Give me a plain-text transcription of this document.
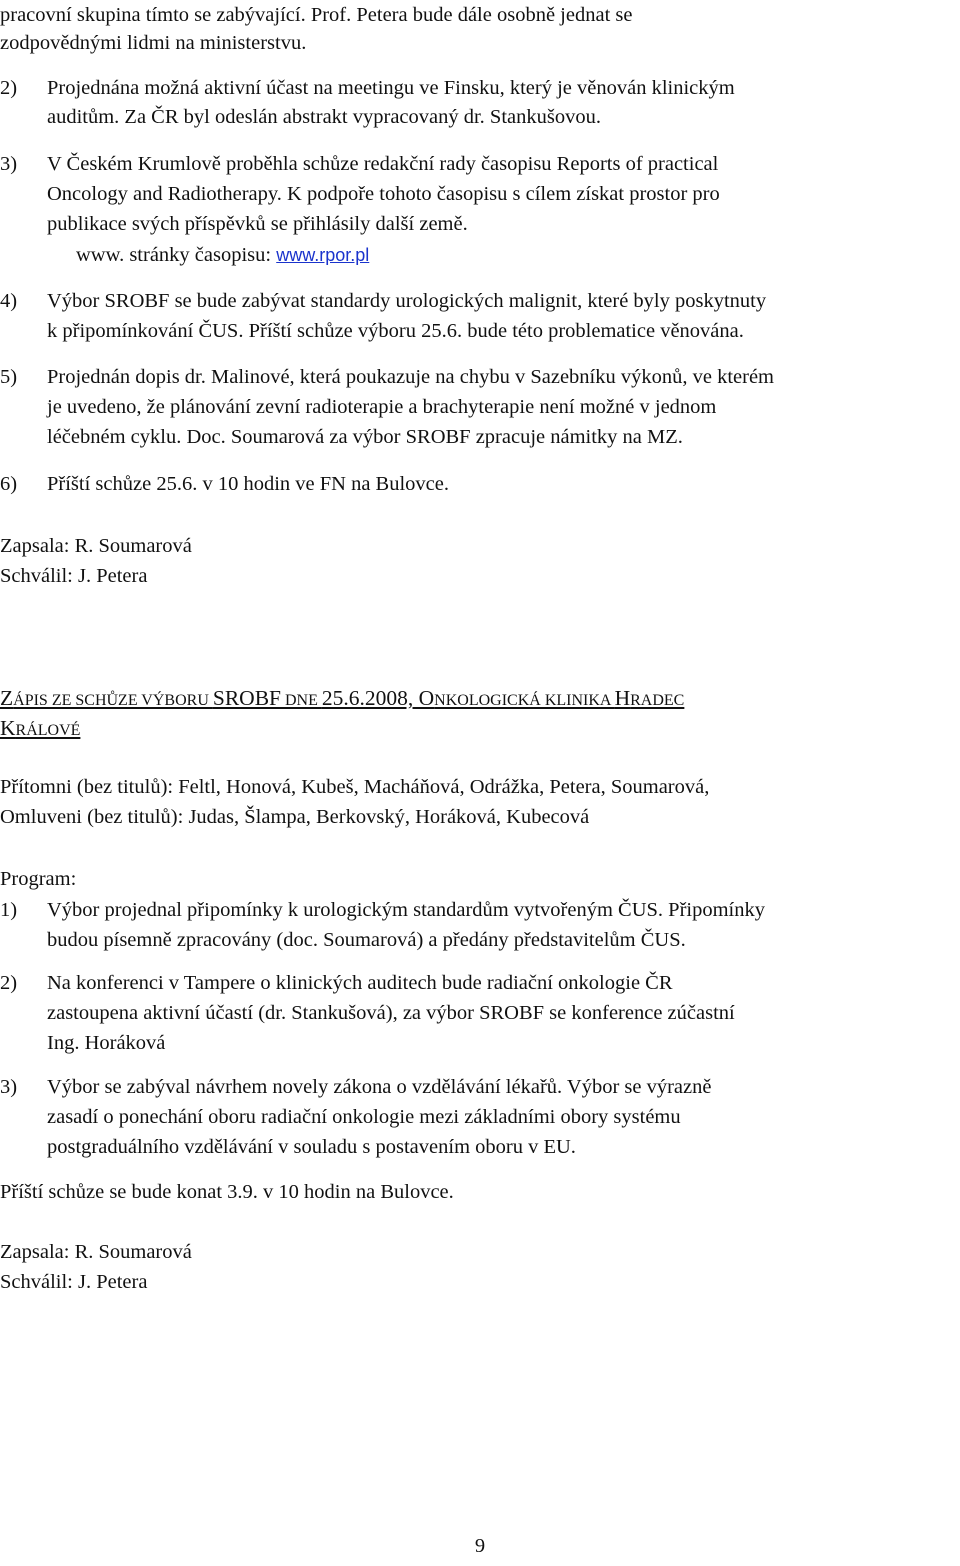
pracovní skupina tímto se zabývající. Prof. Petera bude dále osobně jednat se
zodpovědnými lidmi na ministerstvu.
2) Projednána možná aktivní účast na meetingu ve Finsku, který je věnován klinickým
auditům. Za ČR byl odeslán abstrakt vypracovaný dr. Stankušovou.
3) V Českém Krumlově proběhla schůze redakční rady časopisu Reports of practical
Oncology and Radiotherapy. K podpoře tohoto časopisu s cílem získat prostor pro
publikace svých příspěvků se přihlásily další země.
www. stránky časopisu: www.rpor.pl
4) Výbor SROBF se bude zabývat standardy urologických malignit, které byly poskytnuty
k připomínkování ČUS. Příští schůze výboru 25.6. bude této problematice věnována.
5) Projednán dopis dr. Malinové, která poukazuje na chybu v Sazebníku výkonů, ve kterém
je uvedeno, že plánování zevní radioterapie a brachyterapie není možné v jednom
léčebném cyklu. Doc. Soumarová za výbor SROBF zpracuje námitky na MZ.
6) Příští schůze 25.6. v 10 hodin ve FN na Bulovce.
Zapsala: R. Soumarová
Schválil: J. Petera
ZÁPIS ZE SCHŮZE VÝBORU SROBF DNE 25.6.2008, ONKOLOGICKÁ KLINIKA HRADEC
KRÁLOVÉ
Přítomni (bez titulů): Feltl, Honová, Kubeš, Macháňová, Odrážka, Petera, Soumarová,
Omluveni (bez titulů): Judas, Šlampa, Berkovský, Horáková, Kubecová
Program:
1) Výbor projednal připomínky k urologickým standardům vytvořeným ČUS. Připomínky
budou písemně zpracovány (doc. Soumarová) a předány představitelům ČUS.
2) Na konferenci v Tampere o klinických auditech bude radiační onkologie ČR
zastoupena aktivní účastí (dr. Stankušová), za výbor SROBF se konference zúčastní
Ing. Horáková
3) Výbor se zabýval návrhem novely zákona o vzdělávání lékařů. Výbor se výrazně
zasadí o ponechání oboru radiační onkologie mezi základními obory systému
postgraduálního vzdělávání v souladu s postavením oboru v EU.
Příští schůze se bude konat 3.9. v 10 hodin na Bulovce.
Zapsala: R. Soumarová
Schválil: J. Petera
9
